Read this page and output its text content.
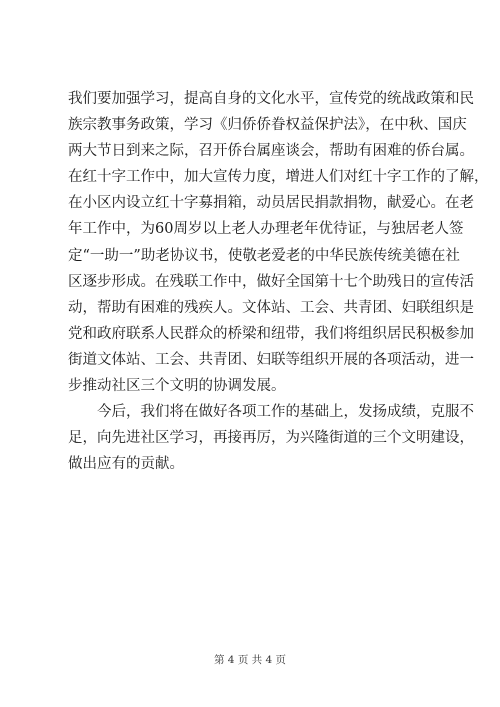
我们要加强学习，提高自身的文化水平，宣传党的统战政策和民
族宗教事务政策，学习《归侨侨眷权益保护法》，在中秋、国庆
两大节日到来之际，召开侨台属座谈会，帮助有困难的侨台属。
在红十字工作中，加大宣传力度，增进人们对红十字工作的了解，
在小区内设立红十字募捐箱，动员居民捐款捐物，献爱心。在老
年工作中，为60周岁以上老人办理老年优待证，与独居老人签
定“一助一”助老协议书，使敬老爱老的中华民族传统美德在社
区逐步形成。在残联工作中，做好全国第十七个助残日的宣传活
动，帮助有困难的残疾人。文体站、工会、共青团、妇联组织是
党和政府联系人民群众的桥梁和纽带，我们将组织居民积极参加
街道文体站、工会、共青团、妇联等组织开展的各项活动，进一
步推动社区三个文明的协调发展。
今后，我们将在做好各项工作的基础上，发扬成绩，克服不
足，向先进社区学习，再接再厉，为兴隆街道的三个文明建设，
做出应有的贡献。
第 4 页 共 4 页
